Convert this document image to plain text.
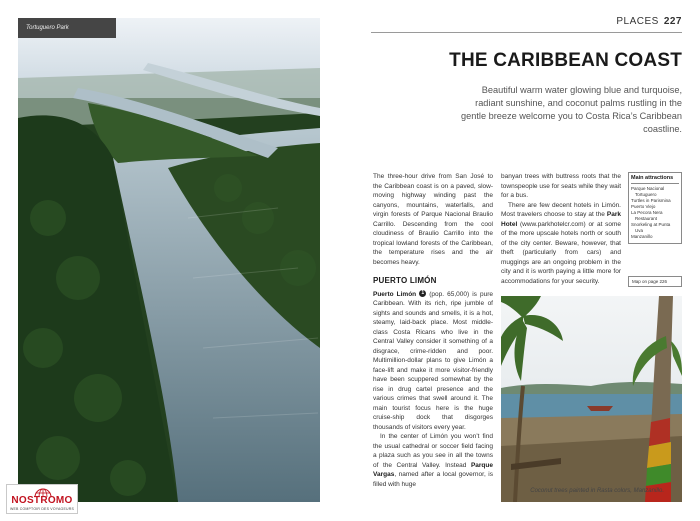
Tortuguero Park
NOSTROMO
WEB COMPTOIR DES VOYAGEURS
PLACES 227
THE CARIBBEAN COAST
Beautiful warm water glowing blue and turquoise, radiant sunshine, and coconut palms rustling in the gentle breeze welcome you to Costa Rica’s Caribbean coastline.

The three-hour drive from San José to the Caribbean coast is on a paved, slow-moving highway winding past the canyons, mountains, waterfalls, and virgin forests of Parque Nacional Braulio Carrillo. Descending from the cool cloudiness of Braulio Carrillo into the tropical lowland forests of the Caribbean, the temperature rises and the air becomes heavy.

PUERTO LIMÓN

Puerto Limón 1 (pop. 65,000) is pure Caribbean. With its rich, ripe jumble of sights and sounds and smells, it is a hot, steamy, laid-back place. Most middle-class Costa Ricans who live in the Central Valley consider it something of a disgrace, crime-ridden and poor. Multimillion-dollar plans to give Limón a face-lift and make it more visitor-friendly have been scuppered somewhat by the rise in drug cartel presence and the various crimes that swell around it. The main tourist focus here is the huge cruise-ship dock that disgorges thousands of visitors every year.

In the center of Limón you won’t find the usual cathedral or soccer field facing a plaza such as you see in all the towns of the Central Valley. Instead Parque Vargas, named after a local governor, is filled with huge

banyan trees with buttress roots that the townspeople use for seats while they wait for a bus.

There are few decent hotels in Limón. Most travelers choose to stay at the Park Hotel (www.parkhotelcr.com) or at some of the more upscale hotels north or south of the city center. Beware, however, that theft (particularly from cars) and muggings are an ongoing problem in the city and it is worth paying a little more for accommodations for your security.

Main attractions
Parque Nacional
Tortuguero
Turtles in Parismina
Puerto Viejo
La Pecora Nera
Restaurant
Snorkeling at Punta
Uva
Manzanillo
Map on page 226
Coconut trees painted in Rasta colors, Manzanillo.
